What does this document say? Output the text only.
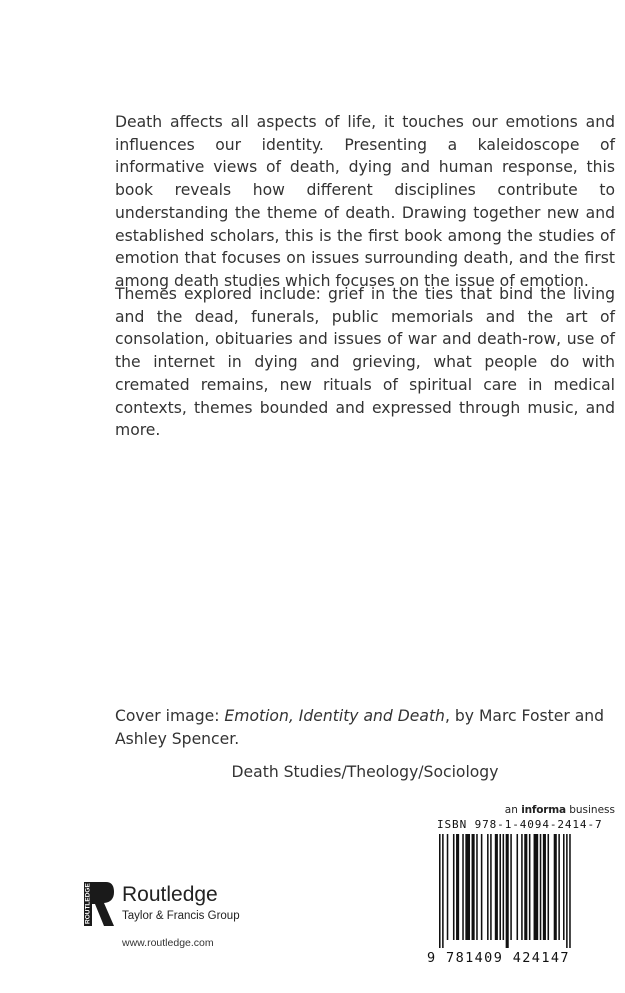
Death affects all aspects of life, it touches our emotions and influences our identity. Presenting a kaleidoscope of informative views of death, dying and human response, this book reveals how different disciplines contribute to understanding the theme of death. Drawing together new and established scholars, this is the first book among the studies of emotion that focuses on issues surrounding death, and the first among death studies which focuses on the issue of emotion.

Themes explored include: grief in the ties that bind the living and the dead, funerals, public memorials and the art of consolation, obituaries and issues of war and death-row, use of the internet in dying and grieving, what people do with cremated remains, new rituals of spiritual care in medical contexts, themes bounded and expressed through music, and more.

Cover image: Emotion, Identity and Death, by Marc Foster and Ashley Spencer.

Death Studies/Theology/Sociology

an informa business
ISBN 978-1-4094-2414-7
9 781409 424147
ROUTLEDGE Routledge
Taylor & Francis Group
www.routledge.com
